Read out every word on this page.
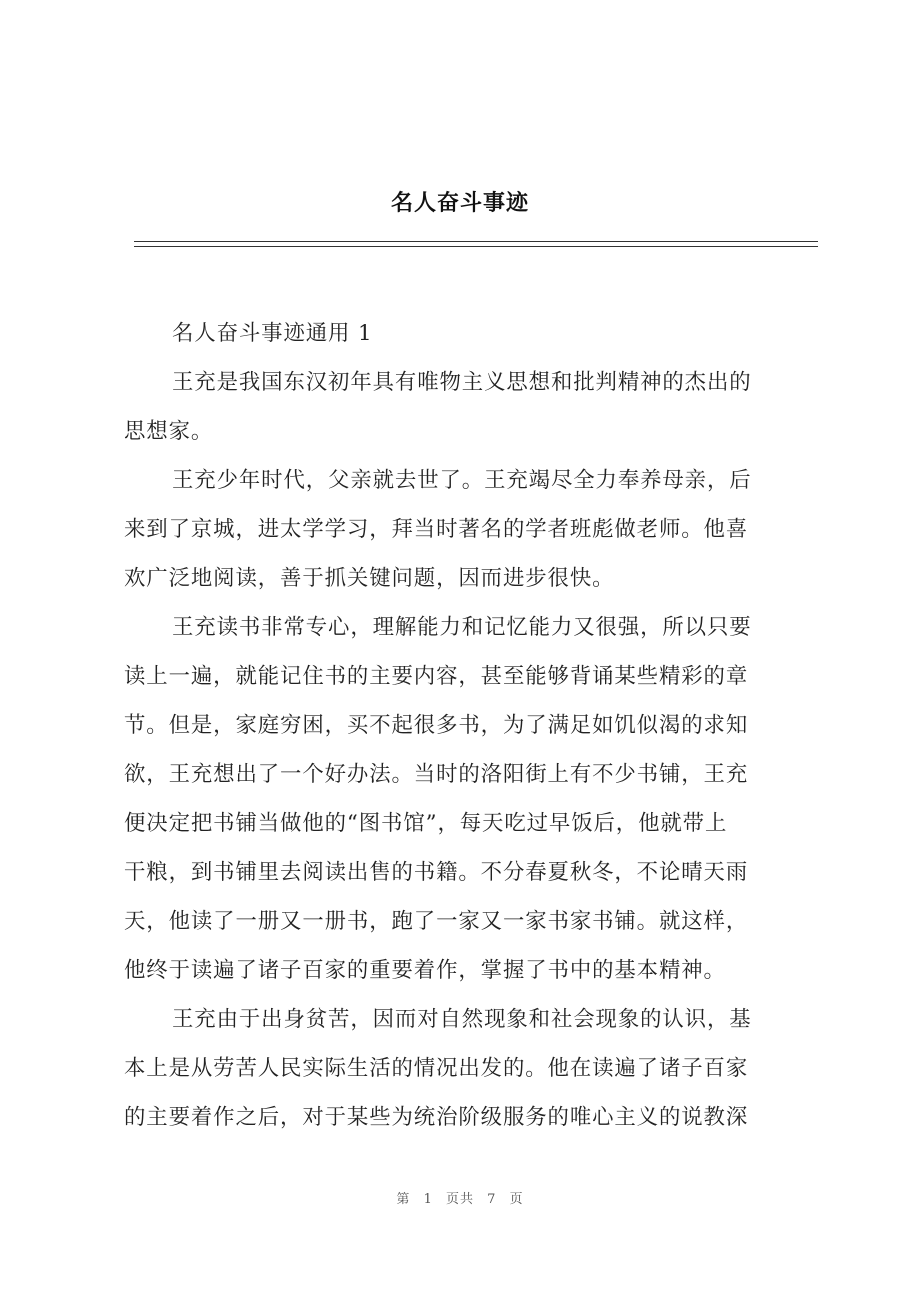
名人奋斗事迹
名人奋斗事迹通用 1
王充是我国东汉初年具有唯物主义思想和批判精神的杰出的
思想家。
王充少年时代，父亲就去世了。王充竭尽全力奉养母亲，后
来到了京城，进太学学习，拜当时著名的学者班彪做老师。他喜
欢广泛地阅读，善于抓关键问题，因而进步很快。
王充读书非常专心，理解能力和记忆能力又很强，所以只要
读上一遍，就能记住书的主要内容，甚至能够背诵某些精彩的章
节。但是，家庭穷困，买不起很多书，为了满足如饥似渴的求知
欲，王充想出了一个好办法。当时的洛阳街上有不少书铺，王充
便决定把书铺当做他的“图书馆”，每天吃过早饭后，他就带上
干粮，到书铺里去阅读出售的书籍。不分春夏秋冬，不论晴天雨
天，他读了一册又一册书，跑了一家又一家书家书铺。就这样，
他终于读遍了诸子百家的重要着作，掌握了书中的基本精神。
王充由于出身贫苦，因而对自然现象和社会现象的认识，基
本上是从劳苦人民实际生活的情况出发的。他在读遍了诸子百家
的主要着作之后，对于某些为统治阶级服务的唯心主义的说教深
第 1 页共 7 页
